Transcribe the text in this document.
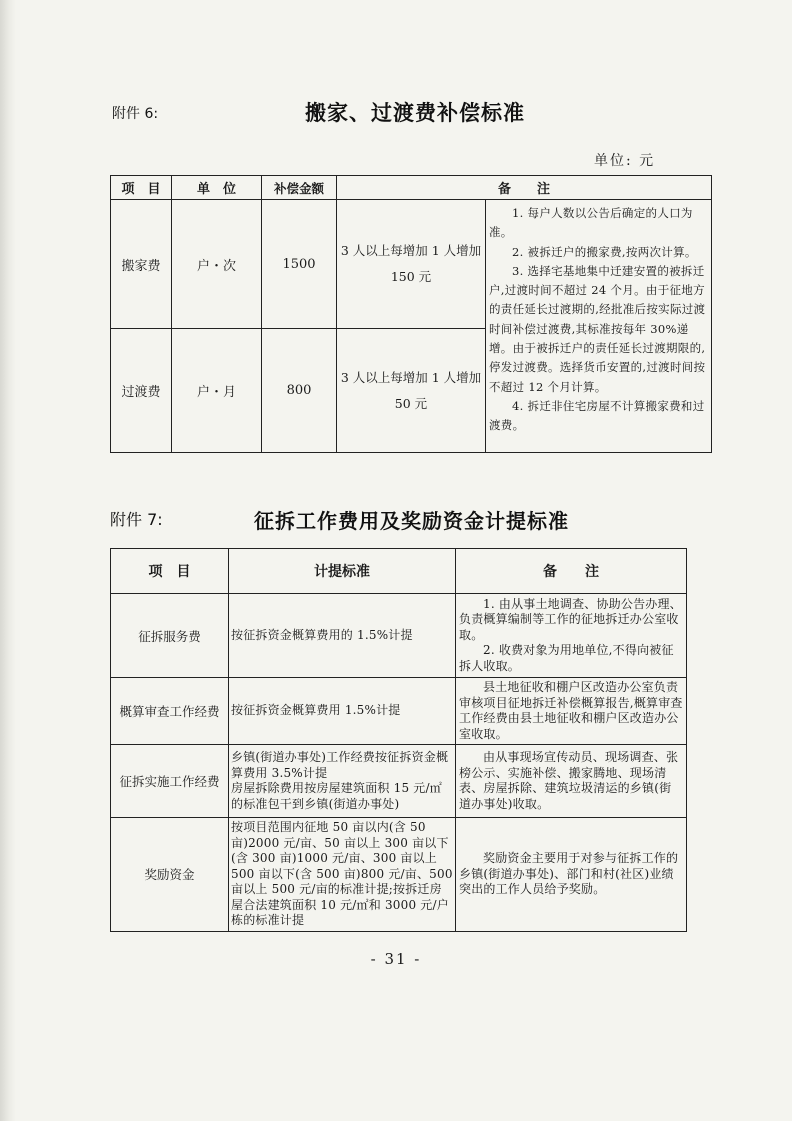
附件 6:	搬家、过渡费补偿标准
单位: 元
项　目	单　位	补偿金额	备　　注	
搬家费	户・次	1500	3 人以上每增加 1 人增加 150 元	1. 每户人数以公告后确定的人口为准。

2. 被拆迁户的搬家费,按两次计算。

3. 选择宅基地集中迁建安置的被拆迁户,过渡时间不超过 24 个月。由于征地方的责任延长过渡期的,经批准后按实际过渡时间补偿过渡费,其标准按每年 30%递增。由于被拆迁户的责任延长过渡期限的,停发过渡费。选择货币安置的,过渡时间按不超过 12 个月计算。

4. 拆迁非住宅房屋不计算搬家费和过渡费。

过渡费	户・月	800	3 人以上每增加 1 人增加 50 元	
附件 7:	征拆工作费用及奖励资金计提标准
项　目	计提标准	备　　注
征拆服务费	按征拆资金概算费用的 1.5%计提	1. 由从事土地调查、协助公告办理、负责概算编制等工作的征地拆迁办公室收取。
2. 收费对象为用地单位,不得向被征拆人收取。

概算审查工作经费	按征拆资金概算费用 1.5%计提	县土地征收和棚户区改造办公室负责审核项目征地拆迁补偿概算报告,概算审查工作经费由县土地征收和棚户区改造办公室收取。

征拆实施工作经费	乡镇(街道办事处)工作经费按征拆资金概算费用 3.5%计提
房屋拆除费用按房屋建筑面积 15 元/㎡的标准包干到乡镇(街道办事处)	由从事现场宣传动员、现场调查、张榜公示、实施补偿、搬家腾地、现场清表、房屋拆除、建筑垃圾清运的乡镇(街道办事处)收取。

奖励资金	按项目范围内征地 50 亩以内(含 50 亩)2000 元/亩、50 亩以上 300 亩以下(含 300 亩)1000 元/亩、300 亩以上 500 亩以下(含 500 亩)800 元/亩、500 亩以上 500 元/亩的标准计提;按拆迁房屋合法建筑面积 10 元/㎡和 3000 元/户栋的标准计提	奖励资金主要用于对参与征拆工作的乡镇(街道办事处)、部门和村(社区)业绩突出的工作人员给予奖励。
- 31 -
